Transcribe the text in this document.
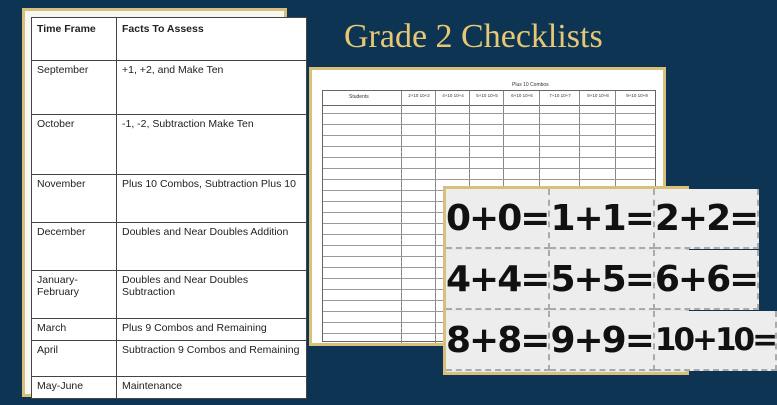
Grade 2 Checklists
Time Frame	Facts To Assess
September	+1, +2, and Make Ten
October	-1, -2, Subtraction Make Ten
November	Plus 10 Combos, Subtraction Plus 10
December	Doubles and Near Doubles Addition
January-February	Doubles and Near Doubles Subtraction
March	Plus 9 Combos and Remaining
April	Subtraction 9 Combos and Remaining
May-June	Maintenance
Plus 10 Combos
Students	2+10 10+2	4+10 10+4	5+10 10+5	6+10 10+6	7+10 10+7	8+10 10+8	9+10 10+9
0+0= 1+1= 2+2=
4+4= 5+5= 6+6=
8+8= 9+9= 10+10=
